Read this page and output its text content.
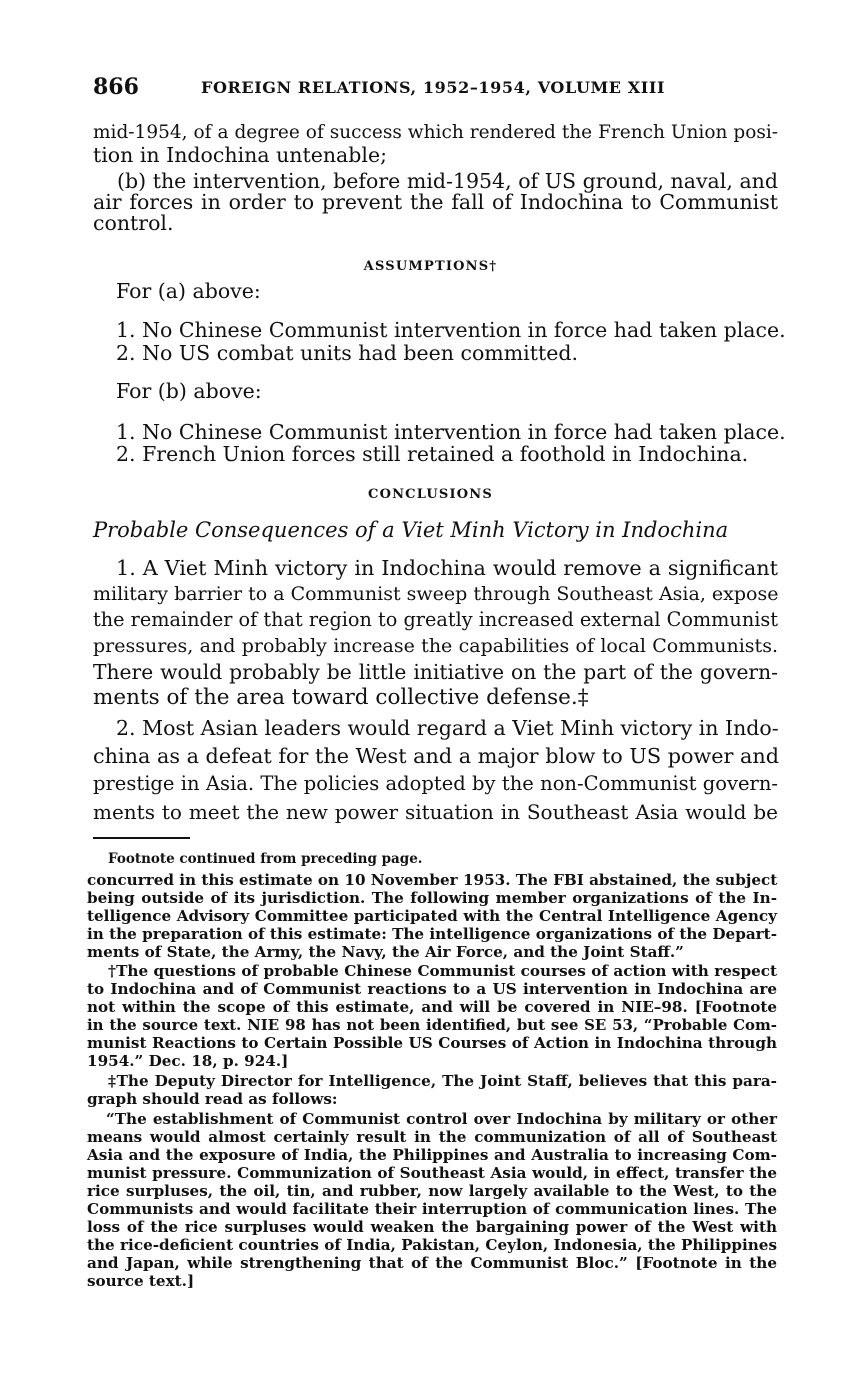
866	FOREIGN RELATIONS, 1952–1954, VOLUME XIII
mid-1954, of a degree of success which rendered the French Union posi-
tion in Indochina untenable;
(b) the intervention, before mid-1954, of US ground, naval, and
air forces in order to prevent the fall of Indochina to Communist
control.
ASSUMPTIONS†
For (a) above:
1. No Chinese Communist intervention in force had taken place.
2. No US combat units had been committed.
For (b) above:
1. No Chinese Communist intervention in force had taken place.
2. French Union forces still retained a foothold in Indochina.
CONCLUSIONS
Probable Consequences of a Viet Minh Victory in Indochina
1. A Viet Minh victory in Indochina would remove a significant
military barrier to a Communist sweep through Southeast Asia, expose
the remainder of that region to greatly increased external Communist
pressures, and probably increase the capabilities of local Communists.
There would probably be little initiative on the part of the govern-
ments of the area toward collective defense.‡
2. Most Asian leaders would regard a Viet Minh victory in Indo-
china as a defeat for the West and a major blow to US power and
prestige in Asia. The policies adopted by the non-Communist govern-
ments to meet the new power situation in Southeast Asia would be
Footnote continued from preceding page.
concurred in this estimate on 10 November 1953. The FBI abstained, the subject
being outside of its jurisdiction. The following member organizations of the In-
telligence Advisory Committee participated with the Central Intelligence Agency
in the preparation of this estimate: The intelligence organizations of the Depart-
ments of State, the Army, the Navy, the Air Force, and the Joint Staff.”
†The questions of probable Chinese Communist courses of action with respect
to Indochina and of Communist reactions to a US intervention in Indochina are
not within the scope of this estimate, and will be covered in NIE–98. [Footnote
in the source text. NIE 98 has not been identified, but see SE 53, “Probable Com-
munist Reactions to Certain Possible US Courses of Action in Indochina through
1954.” Dec. 18, p. 924.]
‡The Deputy Director for Intelligence, The Joint Staff, believes that this para-
graph should read as follows:
“The establishment of Communist control over Indochina by military or other
means would almost certainly result in the communization of all of Southeast
Asia and the exposure of India, the Philippines and Australia to increasing Com-
munist pressure. Communization of Southeast Asia would, in effect, transfer the
rice surpluses, the oil, tin, and rubber, now largely available to the West, to the
Communists and would facilitate their interruption of communication lines. The
loss of the rice surpluses would weaken the bargaining power of the West with
the rice-deficient countries of India, Pakistan, Ceylon, Indonesia, the Philippines
and Japan, while strengthening that of the Communist Bloc.” [Footnote in the
source text.]
